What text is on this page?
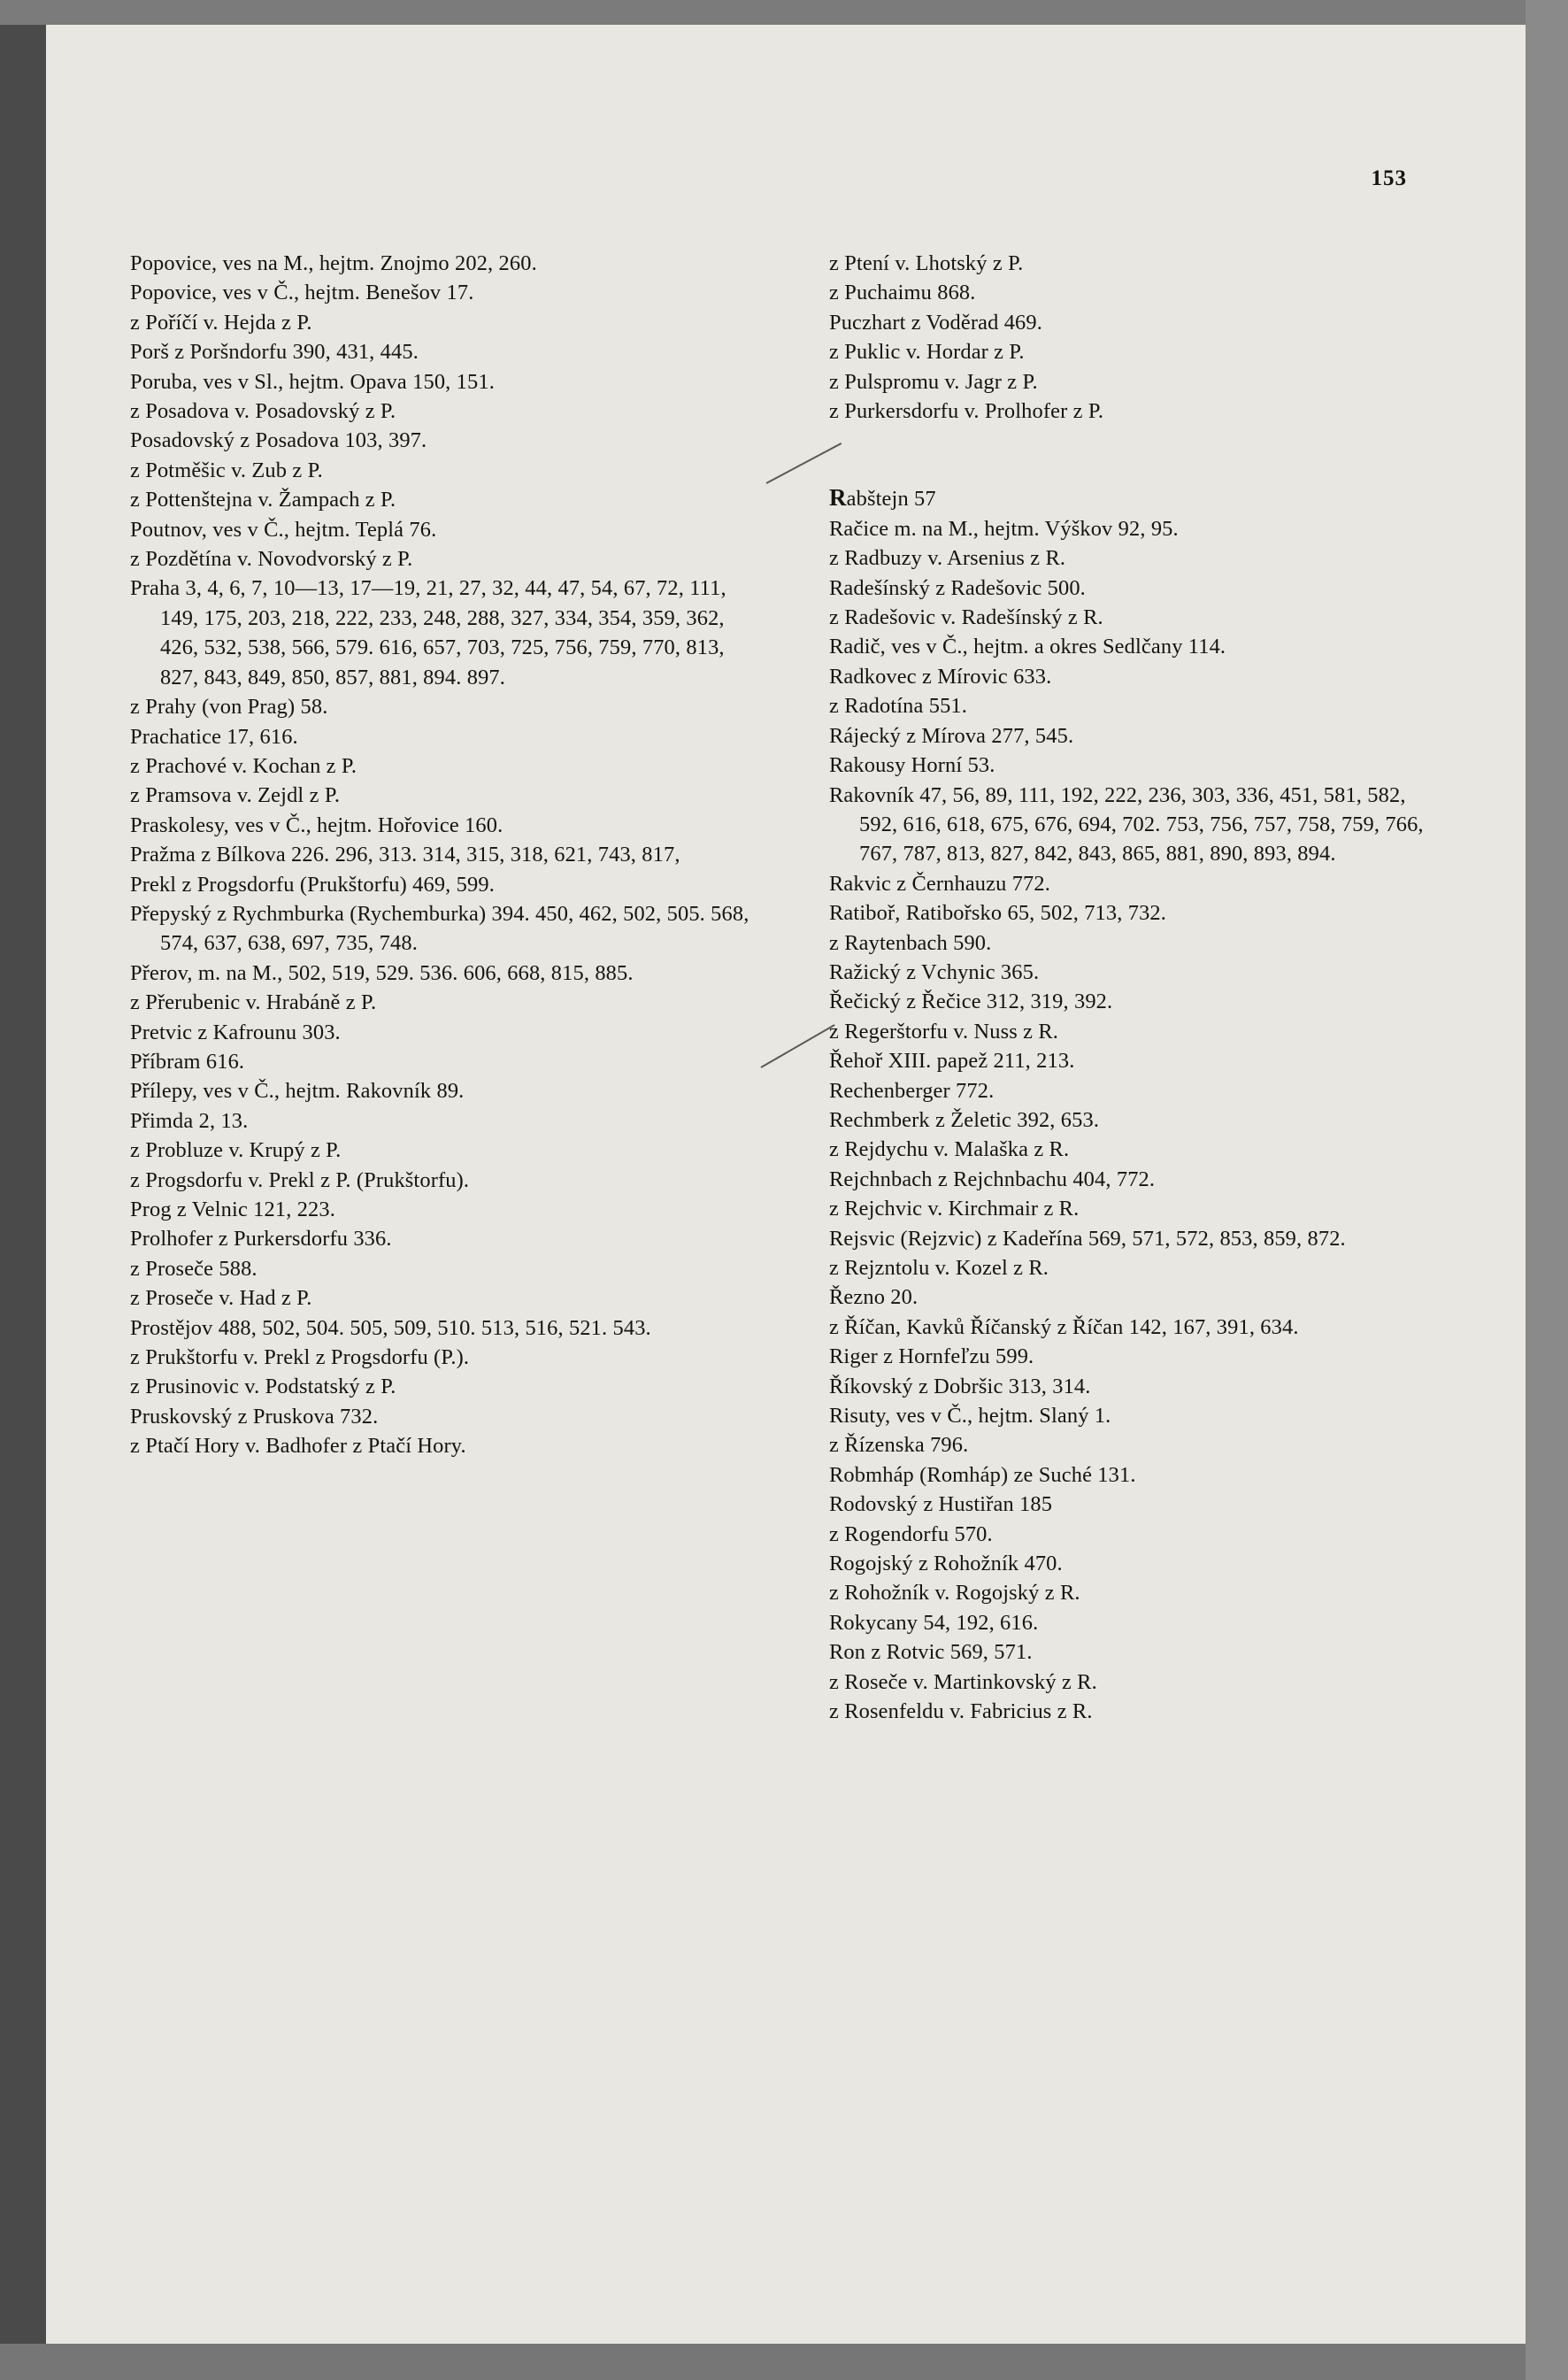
153

Popovice, ves na M., hejtm. Znojmo 202, 260.

Popovice, ves v Č., hejtm. Benešov 17.

z Poříčí v. Hejda z P.

Porš z Poršndorfu 390, 431, 445.

Poruba, ves v Sl., hejtm. Opava 150, 151.

z Posadova v. Posadovský z P.

Posadovský z Posadova 103, 397.

z Potměšic v. Zub z P.

z Pottenštejna v. Žampach z P.

Poutnov, ves v Č., hejtm. Teplá 76.

z Pozdětína v. Novodvorský z P.

Praha 3, 4, 6, 7, 10—13, 17—19, 21, 27, 32, 44, 47, 54, 67, 72, 111, 149, 175, 203, 218, 222, 233, 248, 288, 327, 334, 354, 359, 362, 426, 532, 538, 566, 579. 616, 657, 703, 725, 756, 759, 770, 813, 827, 843, 849, 850, 857, 881, 894. 897.

z Prahy (von Prag) 58.

Prachatice 17, 616.

z Prachové v. Kochan z P.

z Pramsova v. Zejdl z P.

Praskolesy, ves v Č., hejtm. Hořovice 160.

Pražma z Bílkova 226. 296, 313. 314, 315, 318, 621, 743, 817,

Prekl z Progsdorfu (Prukštorfu) 469, 599.

Přepyský z Rychmburka (Rychemburka) 394. 450, 462, 502, 505. 568, 574, 637, 638, 697, 735, 748.

Přerov, m. na M., 502, 519, 529. 536. 606, 668, 815, 885.

z Přerubenic v. Hrabáně z P.

Pretvic z Kafrounu 303.

Příbram 616.

Přílepy, ves v Č., hejtm. Rakovník 89.

Přimda 2, 13.

z Probluze v. Krupý z P.

z Progsdorfu v. Prekl z P. (Prukštorfu).

Prog z Velnic 121, 223.

Prolhofer z Purkersdorfu 336.

z Proseče 588.

z Proseče v. Had z P.

Prostějov 488, 502, 504. 505, 509, 510. 513, 516, 521. 543.

z Prukštorfu v. Prekl z Progsdorfu (P.).

z Prusinovic v. Podstatský z P.

Pruskovský z Pruskova 732.

z Ptačí Hory v. Badhofer z Ptačí Hory.

z Ptení v. Lhotský z P.

z Puchaimu 868.

Puczhart z Voděrad 469.

z Puklic v. Hordar z P.

z Pulspromu v. Jagr z P.

z Purkersdorfu v. Prolhofer z P.

Rabštejn 57

Račice m. na M., hejtm. Výškov 92, 95.

z Radbuzy v. Arsenius z R.

Radešínský z Radešovic 500.

z Radešovic v. Radešínský z R.

Radič, ves v Č., hejtm. a okres Sedlčany 114.

Radkovec z Mírovic 633.

z Radotína 551.

Rájecký z Mírova 277, 545.

Rakousy Horní 53.

Rakovník 47, 56, 89, 111, 192, 222, 236, 303, 336, 451, 581, 582, 592, 616, 618, 675, 676, 694, 702. 753, 756, 757, 758, 759, 766, 767, 787, 813, 827, 842, 843, 865, 881, 890, 893, 894.

Rakvic z Černhauzu 772.

Ratiboř, Ratibořsko 65, 502, 713, 732.

z Raytenbach 590.

Ražický z Vchynic 365.

Řečický z Řečice 312, 319, 392.

z Regerštorfu v. Nuss z R.

Řehoř XIII. papež 211, 213.

Rechenberger 772.

Rechmberk z Želetic 392, 653.

z Rejdychu v. Malaška z R.

Rejchnbach z Rejchnbachu 404, 772.

z Rejchvic v. Kirchmair z R.

Rejsvic (Rejzvic) z Kadeřína 569, 571, 572, 853, 859, 872.

z Rejzntolu v. Kozel z R.

Řezno 20.

z Říčan, Kavků Říčanský z Říčan 142, 167, 391, 634.

Riger z Hornfeľzu 599.

Říkovský z Dobršic 313, 314.

Risuty, ves v Č., hejtm. Slaný 1.

z Řízenska 796.

Robmháp (Romháp) ze Suché 131.

Rodovský z Hustiřan 185

z Rogendorfu 570.

Rogojský z Rohožník 470.

z Rohožník v. Rogojský z R.

Rokycany 54, 192, 616.

Ron z Rotvic 569, 571.

z Roseče v. Martinkovský z R.

z Rosenfeldu v. Fabricius z R.
